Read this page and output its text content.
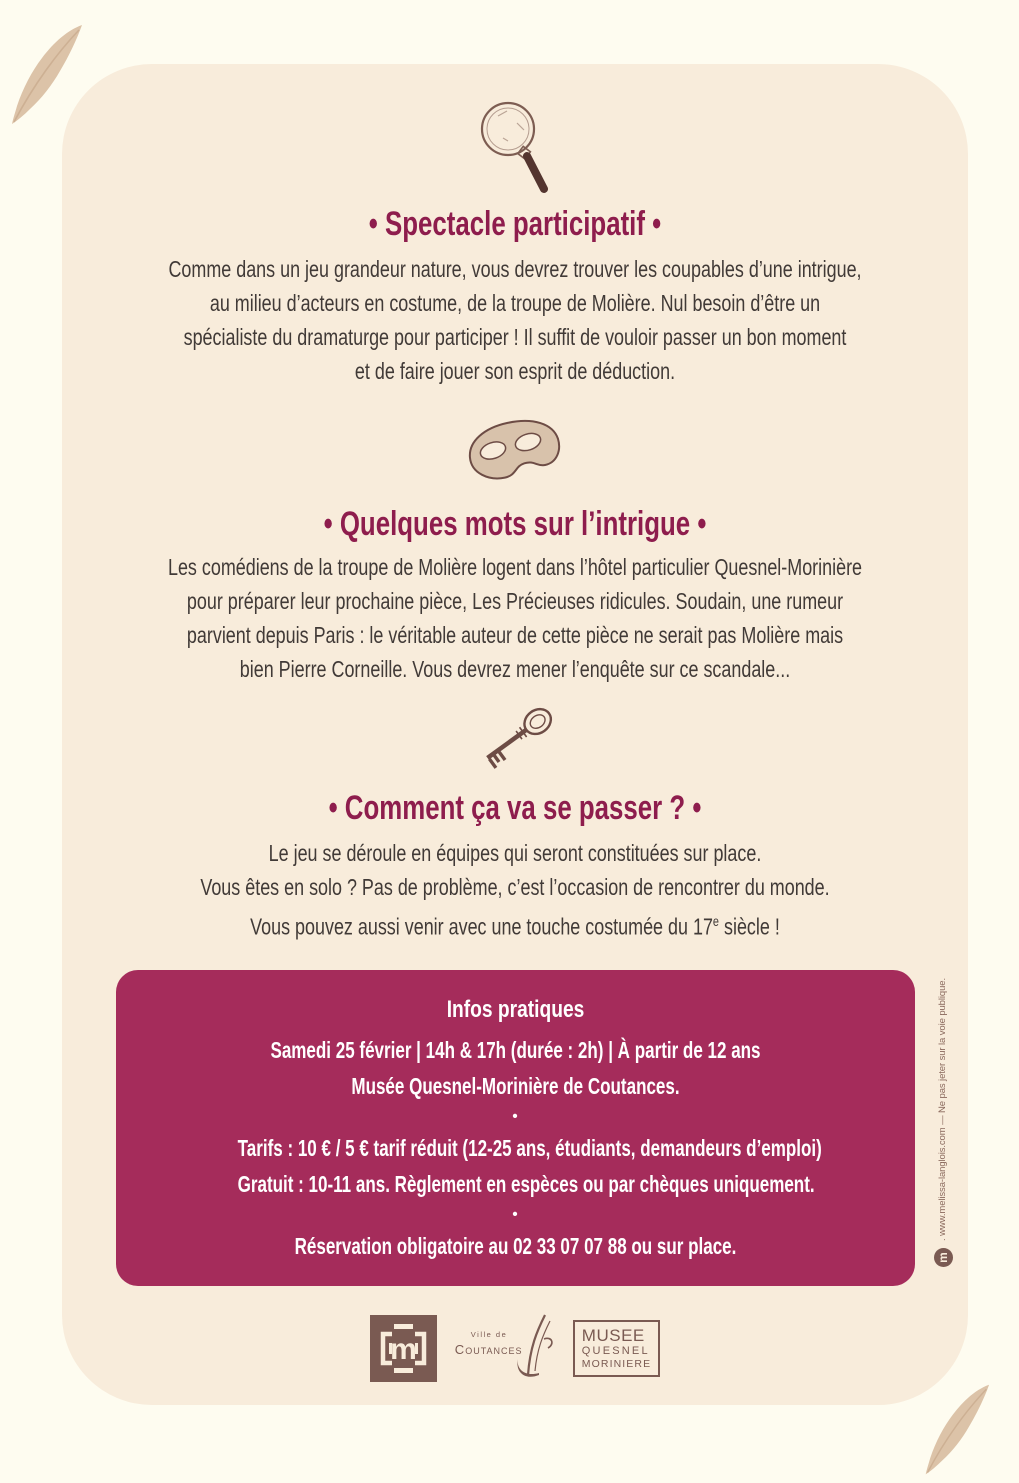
• Spectacle participatif •
Comme dans un jeu grandeur nature, vous devrez trouver les coupables d’une intrigue,
au milieu d’acteurs en costume, de la troupe de Molière. Nul besoin d’être un
spécialiste du dramaturge pour participer ! Il suffit de vouloir passer un bon moment
et de faire jouer son esprit de déduction.
• Quelques mots sur l’intrigue •
Les comédiens de la troupe de Molière logent dans l’hôtel particulier Quesnel-Morinière
pour préparer leur prochaine pièce, Les Précieuses ridicules. Soudain, une rumeur
parvient depuis Paris : le véritable auteur de cette pièce ne serait pas Molière mais
bien Pierre Corneille. Vous devrez mener l’enquête sur ce scandale...
• Comment ça va se passer ? •
Le jeu se déroule en équipes qui seront constituées sur place.
Vous êtes en solo ? Pas de problème, c’est l’occasion de rencontrer du monde.
Vous pouvez aussi venir avec une touche costumée du 17e siècle !
Infos pratiques
Samedi 25 février | 14h & 17h (durée : 2h) | À partir de 12 ans
Musée Quesnel-Morinière de Coutances.
•
Tarifs : 10 € / 5 € tarif réduit (12-25 ans, étudiants, demandeurs d’emploi)
Gratuit : 10-11 ans. Règlement en espèces ou par chèques uniquement.
•
Réservation obligatoire au 02 33 07 07 88 ou sur place.
m	Ville de
coutances
MUSEE
QUESNEL
MORINIERE
. www.melissa-langlois.com — Ne pas jeter sur la voie publique.
m
